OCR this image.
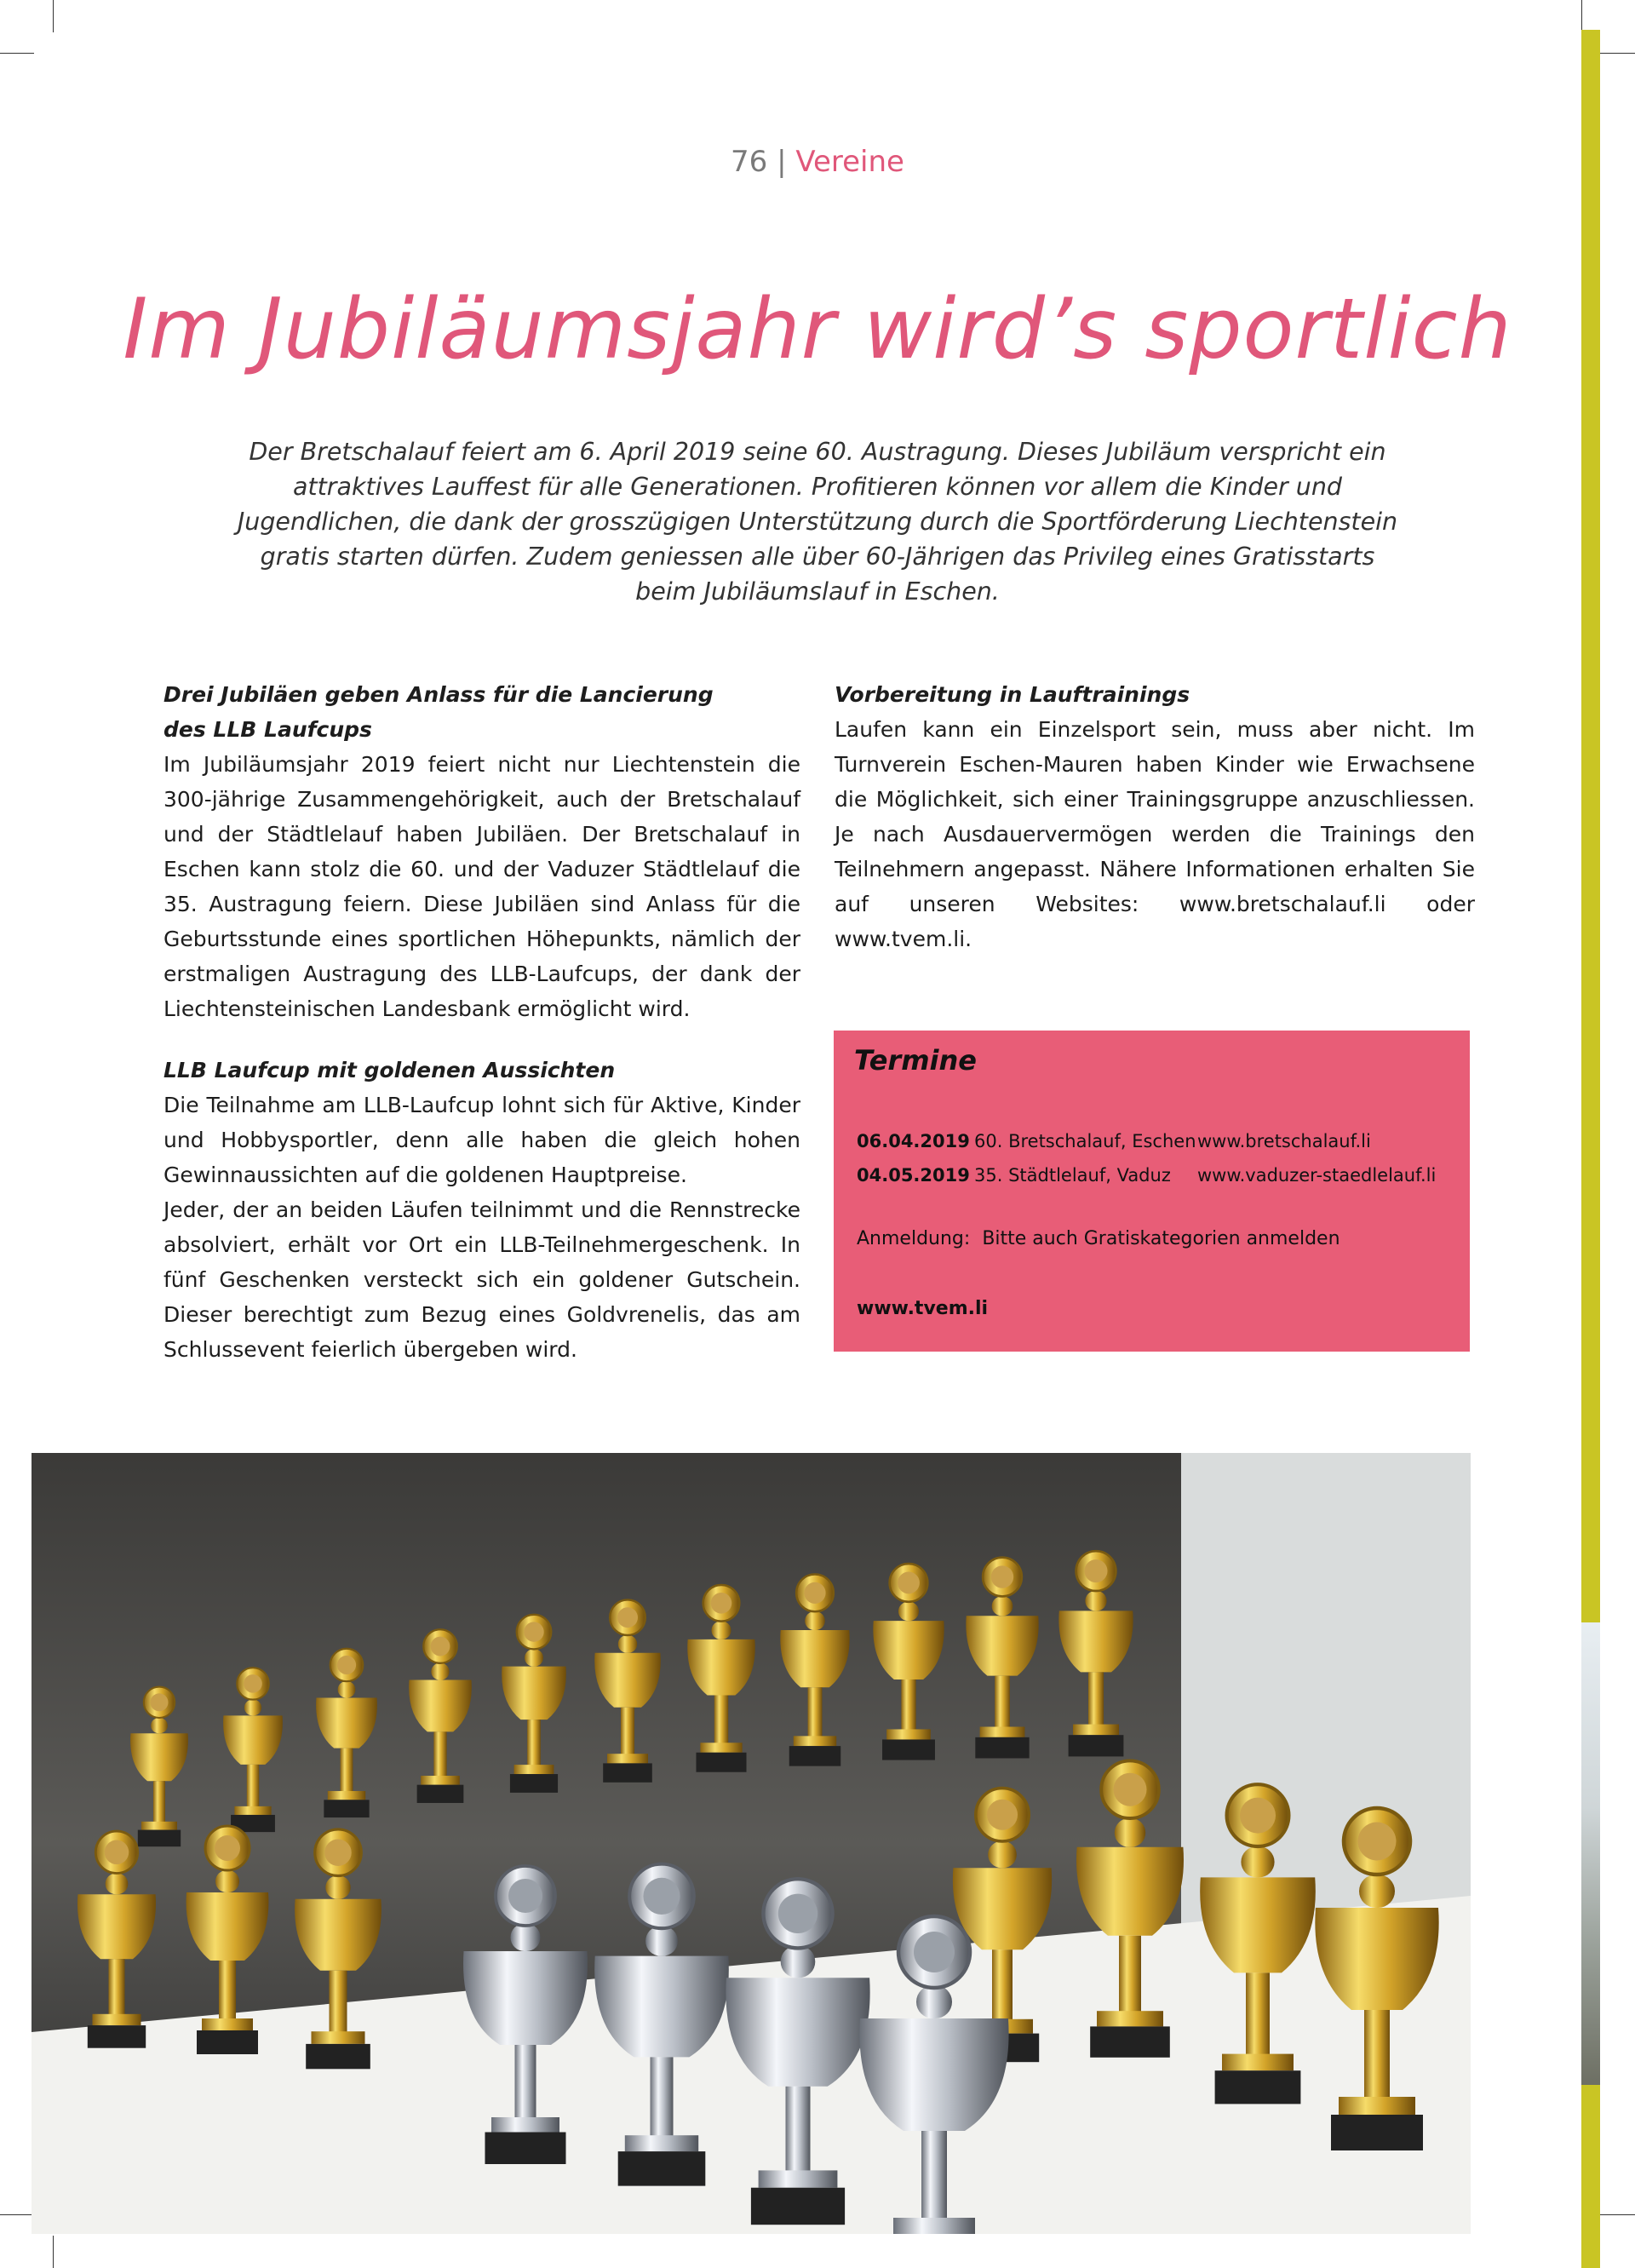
76 | Vereine
Im Jubiläumsjahr wird’s sportlich

Der Bretschalauf feiert am 6. April 2019 seine 60. Austragung. Dieses Jubiläum verspricht ein attraktives Lauffest für alle Generationen. Profitieren können vor allem die Kinder und Jugendlichen, die dank der grosszügigen Unterstützung durch die Sportförderung Liechtenstein gratis starten dürfen. Zudem geniessen alle über 60-Jährigen das Privileg eines Gratisstarts beim Jubiläumslauf in Eschen.

Drei Jubiläen geben Anlass für die Lancierung des LLB Laufcups

Im Jubiläumsjahr 2019 feiert nicht nur Liechtenstein die 300-jährige Zusammengehörigkeit, auch der Bretschalauf und der Städtlelauf haben Jubiläen. Der Bretschalauf in Eschen kann stolz die 60. und der Vaduzer Städtlelauf die 35. Austragung feiern. Diese Jubiläen sind Anlass für die Geburtsstunde eines sportlichen Höhepunkts, nämlich der erstmaligen Austragung des LLB-Laufcups, der dank der Liechtensteinischen Landesbank ermöglicht wird.

LLB Laufcup mit goldenen Aussichten

Die Teilnahme am LLB-Laufcup lohnt sich für Aktive, Kinder und Hobbysportler, denn alle haben die gleich hohen Gewinnaussichten auf die goldenen Hauptpreise.

Jeder, der an beiden Läufen teilnimmt und die Rennstrecke absolviert, erhält vor Ort ein LLB-Teilnehmergeschenk. In fünf Geschenken versteckt sich ein goldener Gutschein. Dieser berechtigt zum Bezug eines Goldvrenelis, das am Schlussevent feierlich übergeben wird.

Vorbereitung in Lauftrainings

Laufen kann ein Einzelsport sein, muss aber nicht. Im Turnverein Eschen-Mauren haben Kinder wie Erwachsene die Möglichkeit, sich einer Trainingsgruppe anzuschliessen. Je nach Ausdauervermögen werden die Trainings den Teilnehmern angepasst. Nähere Informationen erhalten Sie auf unseren Websites: www.bretschalauf.li oder www.tvem.li.

Termine
06.04.2019 60. Bretschalauf, Eschen www.bretschalauf.li
04.05.2019 35. Städtlelauf, Vaduz www.vaduzer-staedlelauf.li
Anmeldung: Bitte auch Gratiskategorien anmelden
www.tvem.li
